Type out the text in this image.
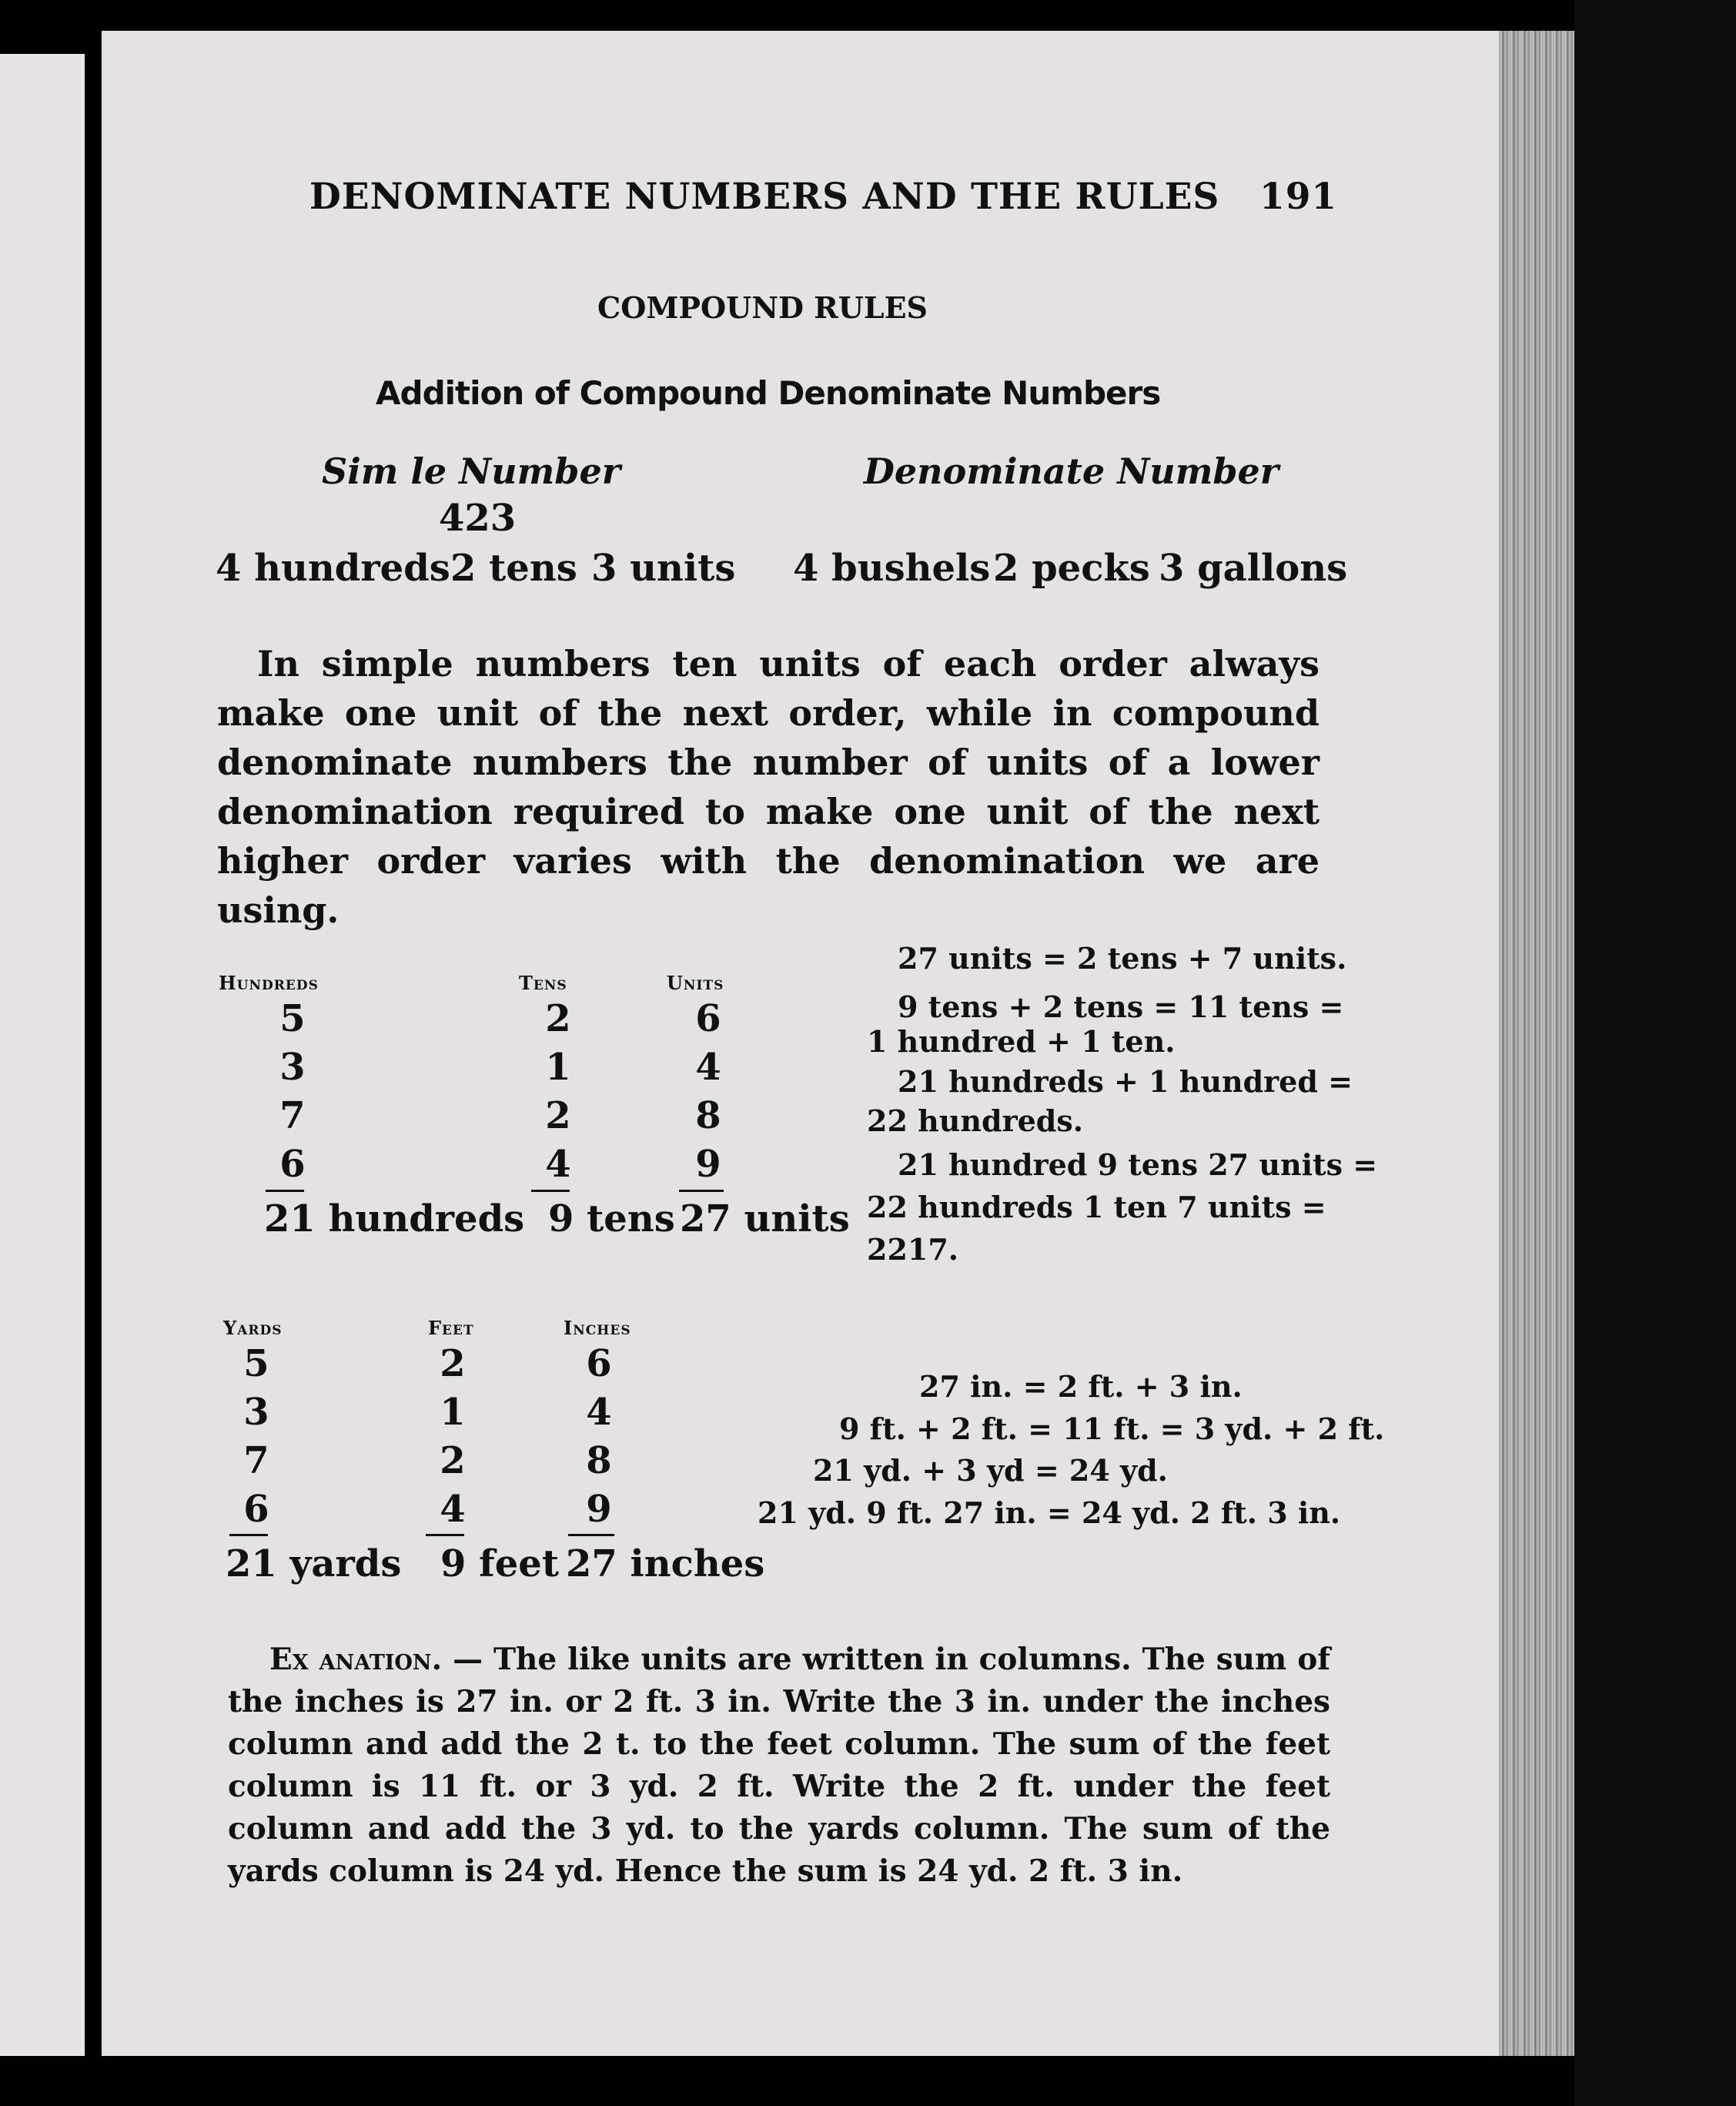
DENOMINATE NUMBERS AND THE RULES 191
COMPOUND RULES
Addition of Compound Denominate Numbers
Sim le Number	Denominate Number
423
4 hundreds 2 tens 3 units 4 bushels 2 pecks 3 gallons
In simple numbers ten units of each order always make one unit of the next order, while in compound denominate numbers the number of units of a lower denomination required to make one unit of the next higher order varies with the denomination we are using.
Hundreds	Tens	Units
5	2	6
3	1	4
7	2	8
6	4	9
21 hundreds 9 tens 27 units
27 units = 2 tens + 7 units.
9 tens + 2 tens = 11 tens =
1 hundred + 1 ten.
21 hundreds + 1 hundred =
22 hundreds.
21 hundred 9 tens 27 units =
22 hundreds 1 ten 7 units =
2217.
Yards	Feet	Inches
5	2	6
3	1	4
7	2	8
6	4	9
21 yards 9 feet 27 inches
27 in. = 2 ft. + 3 in.
9 ft. + 2 ft. = 11 ft. = 3 yd. + 2 ft.
21 yd. + 3 yd = 24 yd.
21 yd. 9 ft. 27 in. = 24 yd. 2 ft. 3 in.
Ex anation. — The like units are written in columns. The sum of the inches is 27 in. or 2 ft. 3 in. Write the 3 in. under the inches column and add the 2 t. to the feet column. The sum of the feet column is 11 ft. or 3 yd. 2 ft. Write the 2 ft. under the feet column and add the 3 yd. to the yards column. The sum of the yards column is 24 yd. Hence the sum is 24 yd. 2 ft. 3 in.
